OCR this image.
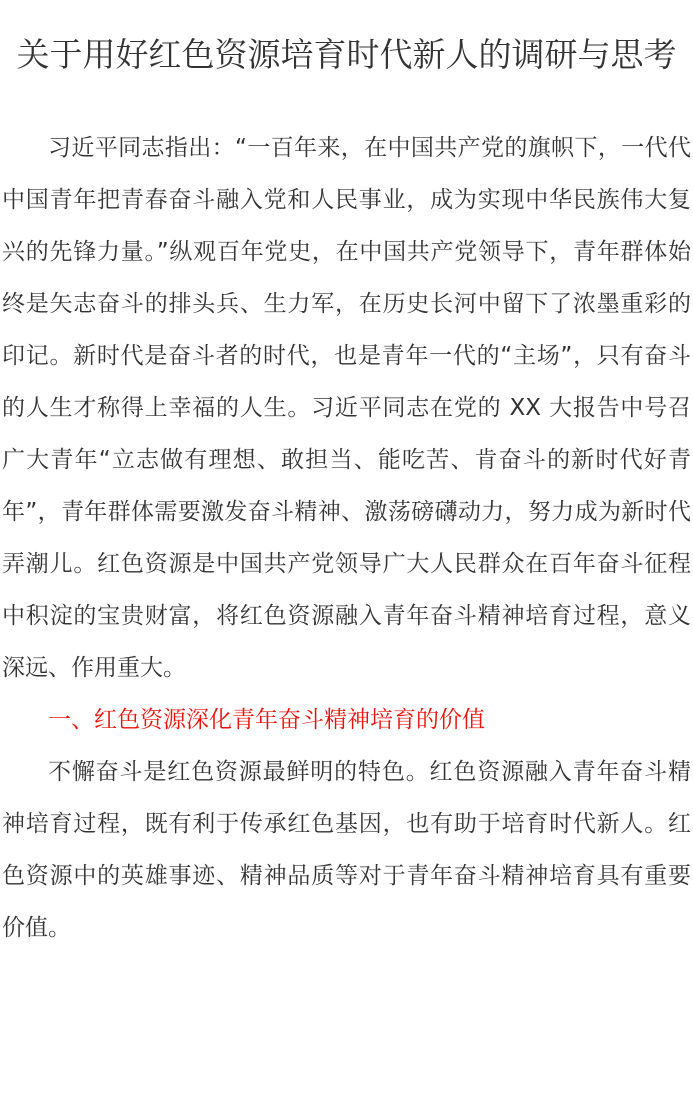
关于用好红色资源培育时代新人的调研与思考

习近平同志指出：“一百年来，在中国共产党的旗帜下，一代代中国青年把青春奋斗融入党和人民事业，成为实现中华民族伟大复兴的先锋力量。”纵观百年党史，在中国共产党领导下，青年群体始终是矢志奋斗的排头兵、生力军，在历史长河中留下了浓墨重彩的印记。新时代是奋斗者的时代，也是青年一代的“主场”，只有奋斗的人生才称得上幸福的人生。习近平同志在党的 XX 大报告中号召广大青年“立志做有理想、敢担当、能吃苦、肯奋斗的新时代好青年”，青年群体需要激发奋斗精神、激荡磅礴动力，努力成为新时代弄潮儿。红色资源是中国共产党领导广大人民群众在百年奋斗征程中积淀的宝贵财富，将红色资源融入青年奋斗精神培育过程，意义深远、作用重大。

一、红色资源深化青年奋斗精神培育的价值

不懈奋斗是红色资源最鲜明的特色。红色资源融入青年奋斗精神培育过程，既有利于传承红色基因，也有助于培育时代新人。红色资源中的英雄事迹、精神品质等对于青年奋斗精神培育具有重要价值。
